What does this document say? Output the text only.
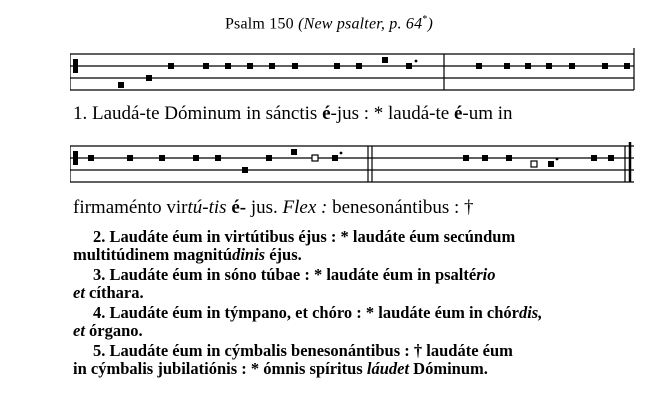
Psalm 150 (New psalter, p. 64*)
1. Laudá-te Dóminum in sánctis é-jus : * laudá-te é-um in
firmaménto virtú-tis é- jus. Flex : benesonántibus : †
2. Laudáte éum in virtútibus éjus : * laudáte éum secúndum
multitúdinem magnitúdinis éjus.
3. Laudáte éum in sóno túbae : * laudáte éum in psaltério
et cíthara.
4. Laudáte éum in týmpano, et chóro : * laudáte éum in chórdis,
et órgano.
5. Laudáte éum in cýmbalis benesonántibus : † laudáte éum
in cýmbalis jubilatiónis : * ómnis spíritus láudet Dóminum.
